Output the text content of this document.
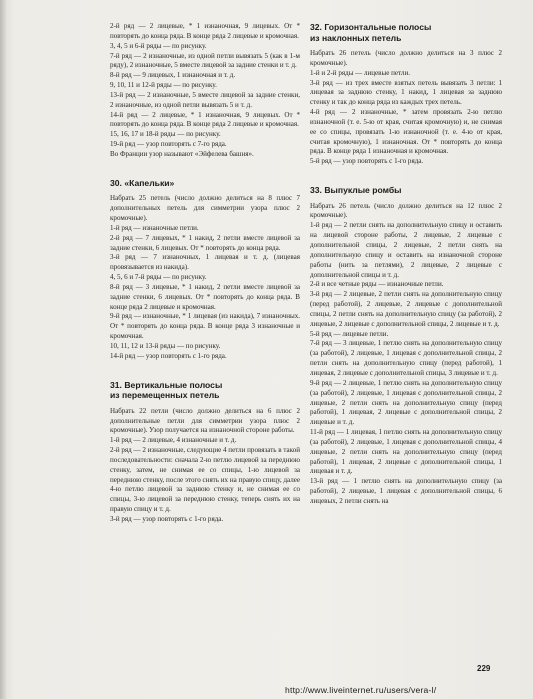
2-й ряд — 2 лицевые, * 1 изнаночная, 9 лицевых. От * повторять до конца ряда. В конце ряда 2 лицевые и кромочная.

3, 4, 5 и 6-й ряды — по рисунку.

7-й ряд — 2 изнаночные, из одной петли вывязать 5 (как в 1-м ряду), 2 изнаночные, 5 вместе лицевой за задние стенки и т. д.

8-й ряд — 9 лицевых, 1 изнаночная и т. д.

9, 10, 11 и 12-й ряды — по рисунку.

13-й ряд — 2 изнаночные, 5 вместе лицевой за задние стенки, 2 изнаночные, из одной петли вывязать 5 и т. д.

14-й ряд — 2 лицевые, * 1 изнаночная, 9 лицевых. От * повторять до конца ряда. В конце ряда 2 лицевые и кромочная.

15, 16, 17 и 18-й ряды — по рисунку.

19-й ряд — узор повторять с 7-го ряда.

Во Франции узор называют «Эйфелева башня».

30. «Капельки»

Набрать 25 петель (число должно делиться на 8 плюс 7 дополнительных петель для симметрии узора плюс 2 кромочные).

1-й ряд — изнаночные петли.

2-й ряд — 7 лицевых, * 1 накид, 2 петли вместе лицевой за задние стенки, 6 лицевых. От * повторять до конца ряда.

3-й ряд — 7 изнаночных, 1 лицевая и т. д. (лицевая провязывается из накида).

4, 5, 6 и 7-й ряды — по рисунку.

8-й ряд — 3 лицевые, * 1 накид, 2 петли вместе лицевой за задние стенки, 6 лицевых. От * повторять до конца ряда. В конце ряда 2 лицевые и кромочная.

9-й ряд — изнаночные, * 1 лицевая (из накида), 7 изнаночных. От * повторять до конца ряда. В конце ряда 3 изнаночные и кромочная.

10, 11, 12 и 13-й ряды — по рисунку.

14-й ряд — узор повторять с 1-го ряда.

31. Вертикальные полосы
из перемещенных петель

Набрать 22 петли (число должно делиться на 6 плюс 2 дополнительные петли для симметрии узора плюс 2 кромочные). Узор получается на изнаночной стороне работы.

1-й ряд — 2 лицевые, 4 изнаночные и т. д.

2-й ряд — 2 изнаночные, следующие 4 петли провязать в такой последовательности: сначала 2-ю петлю лицевой за переднюю стенку, затем, не снимая ее со спицы, 1-ю лицевой за переднюю стенку, после этого снять их на правую спицу, далее 4-ю петлю лицевой за заднюю стенку и, не снимая ее со спицы, 3-ю лицевой за переднюю стенку, теперь снять их на правую спицу и т. д.

3-й ряд — узор повторять с 1-го ряда.

32. Горизонтальные полосы
из наклонных петель

Набрать 26 петель (число должно делиться на 3 плюс 2 кромочные).

1-й и 2-й ряды — лицевые петли.

3-й ряд — из трех вместе взятых петель вывязать 3 петли: 1 лицевая за заднюю стенку, 1 накид, 1 лицевая за заднюю стенку и так до конца ряда из каждых трех петель.

4-й ряд — 2 изнаночные, * затем провязать 2-ю петлю изнаночной (т. е. 5-ю от края, считая кромочную) и, не снимая ее со спицы, провязать 1-ю изнаночной (т. е. 4-ю от края, считая кромочную), 1 изнаночная. От * повторять до конца ряда. В конце ряда 1 изнаночная и кромочная.

5-й ряд — узор повторять с 1-го ряда.

33. Выпуклые ромбы

Набрать 26 петель (число должно делиться на 12 плюс 2 кромочные).

1-й ряд — 2 петли снять на дополнительную спицу и оставить на лицевой стороне работы, 2 лицевые, 2 лицевые с дополнительной спицы, 2 лицевые, 2 петли снять на дополнительную спицу и оставить на изнаночной стороне работы (нить за петлями), 2 лицевые, 2 лицевые с дополнительной спицы и т. д.

2-й и все четные ряды — изнаночные петли.

3-й ряд — 2 лицевые, 2 петли снять на дополнительную спицу (перед работой), 2 лицевые, 2 лицевые с дополнительной спицы, 2 петли снять на дополнительную спицу (за работой), 2 лицевые, 2 лицевые с дополнительной спицы, 2 лицевые и т. д.

5-й ряд — лицевые петли.

7-й ряд — 3 лицевые, 1 петлю снять на дополнительную спицу (за работой), 2 лицевые, 1 лицевая с дополнительной спицы, 2 петли снять на дополнительную спицу (перед работой), 1 лицевая, 2 лицевые с дополнительной спицы, 3 лицевые и т. д.

9-й ряд — 2 лицевые, 1 петлю снять на дополнительную спицу (за работой), 2 лицевые, 1 лицевая с дополнительной спицы, 2 лицевые, 2 петли снять на дополнительную спицу (перед работой), 1 лицевая, 2 лицевые с дополнительной спицы, 2 лицевые и т. д.

11-й ряд — 1 лицевая, 1 петлю снять на дополнительную спицу (за работой), 2 лицевые, 1 лицевая с дополнительной спицы, 4 лицевые, 2 петли снять на дополнительную спицу (перед работой), 1 лицевая, 2 лицевые с дополнительной спицы, 1 лицевая и т. д.

13-й ряд — 1 петлю снять на дополнительную спицу (за работой), 2 лицевые, 1 лицевая с дополнительной спицы, 6 лицевых, 2 петли снять на

229
http://www.liveinternet.ru/users/vera-l/
